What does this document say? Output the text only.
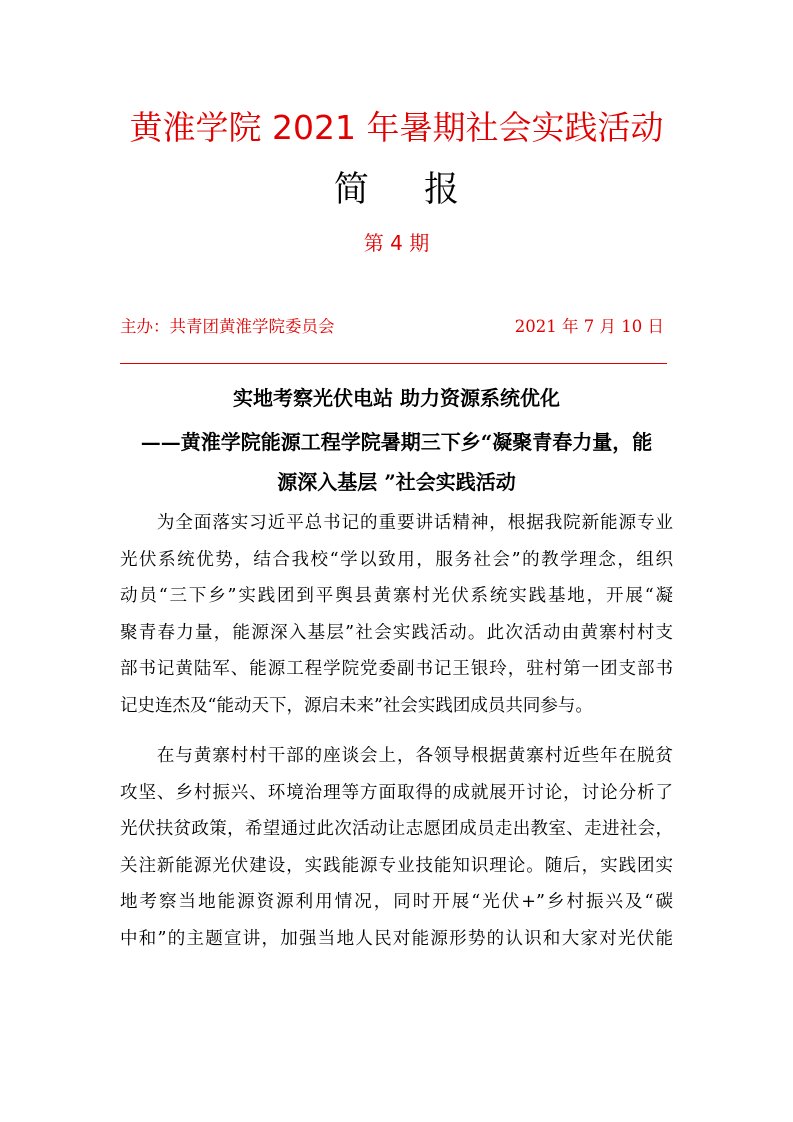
黄淮学院 2021 年暑期社会实践活动
简 报
第 4 期
主办：共青团黄淮学院委员会	2021 年 7 月 10 日
实地考察光伏电站 助力资源系统优化
——黄淮学院能源工程学院暑期三下乡“凝聚青春力量，能
源深入基层 ”社会实践活动
　　为全面落实习近平总书记的重要讲话精神，根据我院新能源专业
光伏系统优势，结合我校“学以致用，服务社会”的教学理念，组织
动员“三下乡”实践团到平舆县黄寨村光伏系统实践基地，开展“凝
聚青春力量，能源深入基层”社会实践活动。此次活动由黄寨村村支
部书记黄陆军、能源工程学院党委副书记王银玲，驻村第一团支部书
记史连杰及“能动天下，源启未来”社会实践团成员共同参与。
　　在与黄寨村村干部的座谈会上，各领导根据黄寨村近些年在脱贫
攻坚、乡村振兴、环境治理等方面取得的成就展开讨论，讨论分析了
光伏扶贫政策，希望通过此次活动让志愿团成员走出教室、走进社会，
关注新能源光伏建设，实践能源专业技能知识理论。随后，实践团实
地考察当地能源资源利用情况，同时开展“光伏+”乡村振兴及“碳
中和”的主题宣讲，加强当地人民对能源形势的认识和大家对光伏能
